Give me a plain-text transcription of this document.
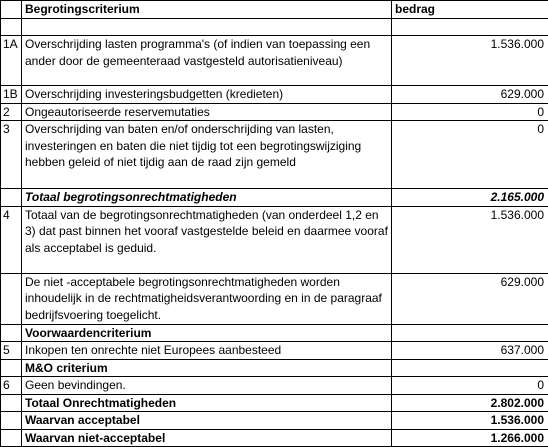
	Begrotingscriterium	bedrag

1A	Overschrijding lasten programma's (of indien van toepassing een ander door de gemeenteraad vastgesteld autorisatieniveau)	1.536.000
1B	Overschrijding investeringsbudgetten (kredieten)	629.000
2	Ongeautoriseerde reservemutaties	0
3	Overschrijding van baten en/of onderschrijding van lasten, investeringen en baten die niet tijdig tot een begrotingswijziging hebben geleid of niet tijdig aan de raad zijn gemeld	0
	Totaal begrotingsonrechtmatigheden	2.165.000
4	Totaal van de begrotingsonrechtmatigheden (van onderdeel 1,2 en 3) dat past binnen het vooraf vastgestelde beleid en daarmee vooraf als acceptabel is geduid.	1.536.000
	De niet -acceptabele begrotingsonrechtmatigheden worden inhoudelijk in de rechtmatigheidsverantwoording en in de paragraaf bedrijfsvoering toegelicht.	629.000
	Voorwaardencriterium	
5	Inkopen ten onrechte niet Europees aanbesteed	637.000
	M&O criterium	
6	Geen bevindingen.	0
	Totaal Onrechtmatigheden	2.802.000
	Waarvan acceptabel	1.536.000
	Waarvan niet-acceptabel	1.266.000
